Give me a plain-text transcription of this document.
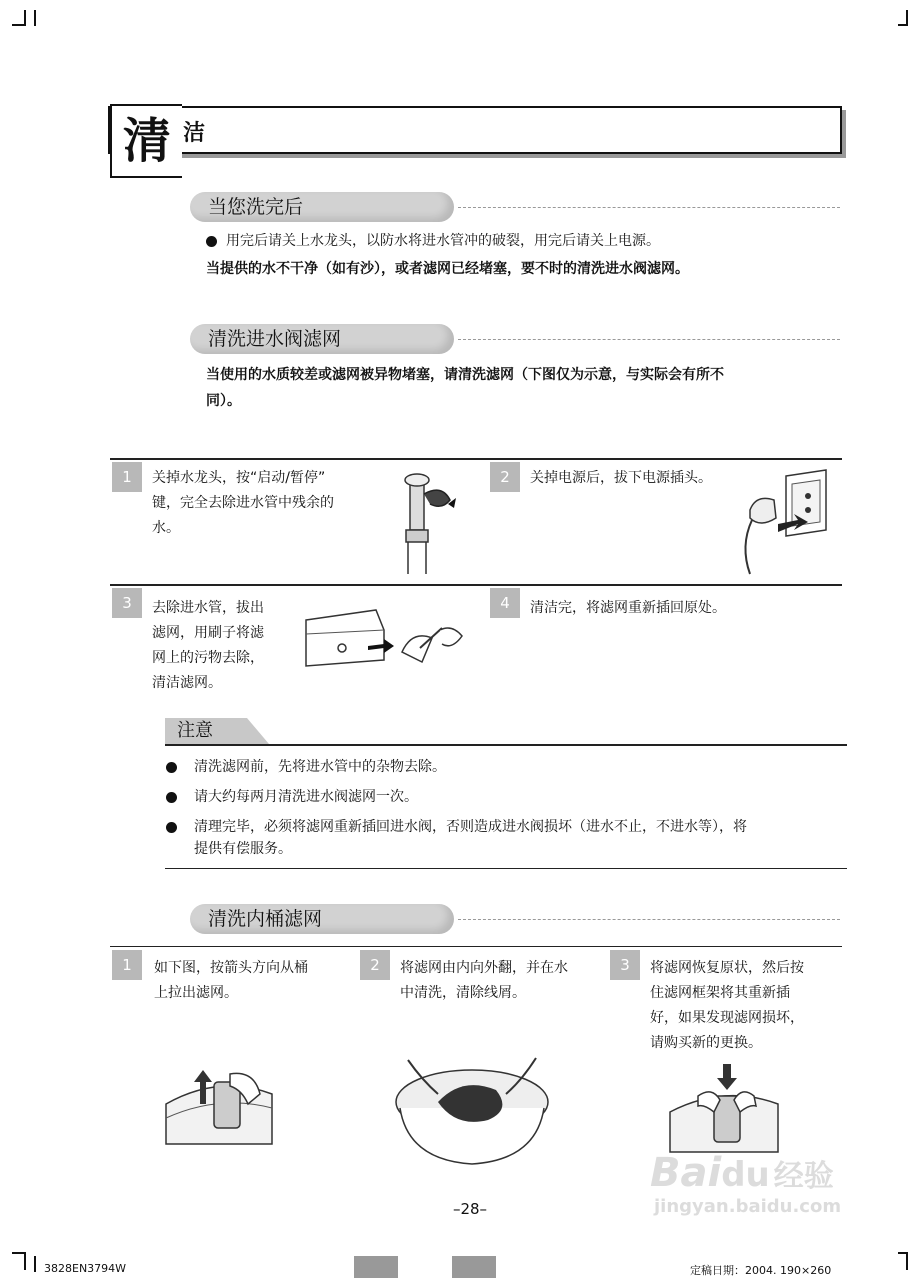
清 洁
当您洗完后
用完后请关上水龙头，以防水将进水管冲的破裂，用完后请关上电源。
当提供的水不干净（如有沙），或者滤网已经堵塞，要不时的清洗进水阀滤网。
清洗进水阀滤网
当使用的水质较差或滤网被异物堵塞，请清洗滤网（下图仅为示意，与实际会有所不
同）。
1	关掉水龙头，按“启动/暂停”
键，完全去除进水管中残余的
水。
2	关掉电源后，拔下电源插头。
3	去除进水管，拔出
滤网，用刷子将滤
网上的污物去除，
清洁滤网。
4	清洁完，将滤网重新插回原处。
注意
清洗滤网前，先将进水管中的杂物去除。
请大约每两月清洗进水阀滤网一次。
清理完毕，必须将滤网重新插回进水阀，否则造成进水阀损坏（进水不止，不进水等），将
提供有偿服务。
清洗内桶滤网
1	如下图，按箭头方向从桶
上拉出滤网。
2	将滤网由内向外翻，并在水
中清洗，清除线屑。
3	将滤网恢复原状，然后按
住滤网框架将其重新插
好，如果发现滤网损坏，
请购买新的更换。
–28–
Baidu 经验
jingyan.baidu.com
3828EN3794W	定稿日期：2004. 190×260
